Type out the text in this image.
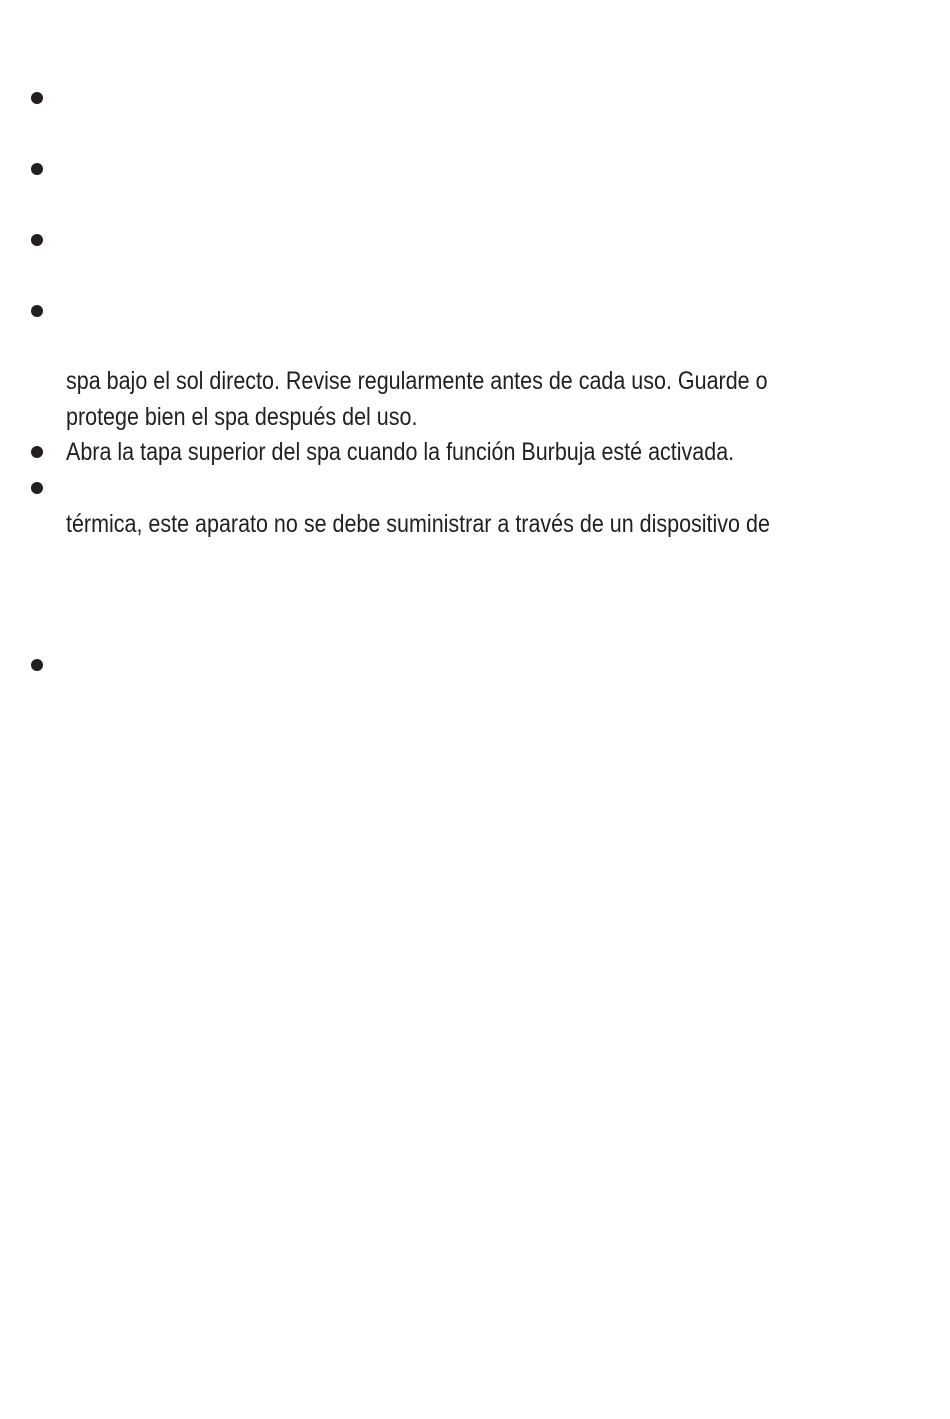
spa bajo el sol directo. Revise regularmente antes de cada uso. Guarde o
protege bien el spa después del uso.
Abra la tapa superior del spa cuando la función Burbuja esté activada.
térmica, este aparato no se debe suministrar a través de un dispositivo de
